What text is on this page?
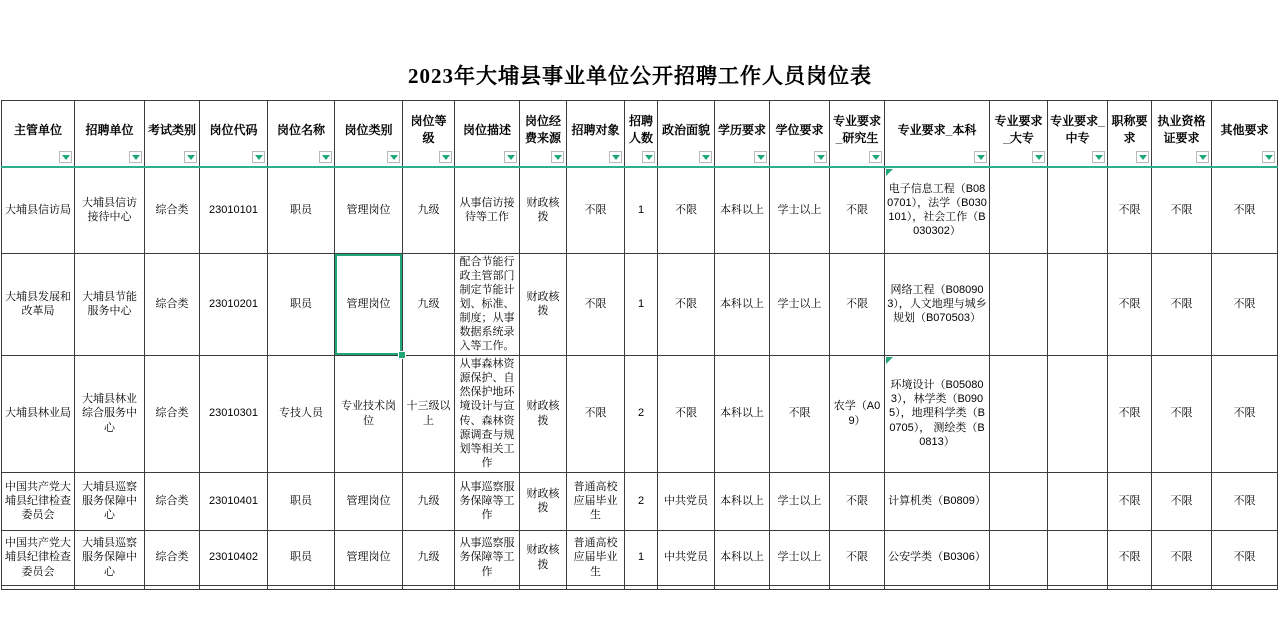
2023年大埔县事业单位公开招聘工作人员岗位表
主管单位	招聘单位	考试类别	岗位代码	岗位名称	岗位类别	岗位等级	岗位描述	岗位经费来源	招聘对象	招聘人数	政治面貌	学历要求	学位要求	专业要求_研究生	专业要求_本科	专业要求_大专	专业要求_中专	职称要求	执业资格证要求	其他要求

大埔县信访局	大埔县信访接待中心	综合类	23010101	职员	管理岗位	九级	从事信访接待等工作	财政核拨	不限	1	不限	本科以上	学士以上	不限	电子信息工程（B080701），法学（B030101），社会工作（B030302）			不限	不限	不限
大埔县发展和改革局	大埔县节能服务中心	综合类	23010201	职员	管理岗位	九级	配合节能行政主管部门制定节能计划、标准、制度；从事数据系统录入等工作。	财政核拨	不限	1	不限	本科以上	学士以上	不限	网络工程（B080903），人文地理与城乡规划（B070503）			不限	不限	不限
大埔县林业局	大埔县林业综合服务中心	综合类	23010301	专技人员	专业技术岗位	十三级以上	从事森林资源保护、自然保护地环境设计与宣传、森林资源调查与规划等相关工作	财政核拨	不限	2	不限	本科以上	不限	农学（A09）	环境设计（B050803），林学类（B0905），地理科学类（B0705）， 测绘类（B0813）			不限	不限	不限
中国共产党大埔县纪律检查委员会	大埔县巡察服务保障中心	综合类	23010401	职员	管理岗位	九级	从事巡察服务保障等工作	财政核拨	普通高校应届毕业生	2	中共党员	本科以上	学士以上	不限	计算机类（B0809）			不限	不限	不限
中国共产党大埔县纪律检查委员会	大埔县巡察服务保障中心	综合类	23010402	职员	管理岗位	九级	从事巡察服务保障等工作	财政核拨	普通高校应届毕业生	1	中共党员	本科以上	学士以上	不限	公安学类（B0306）			不限	不限	不限
